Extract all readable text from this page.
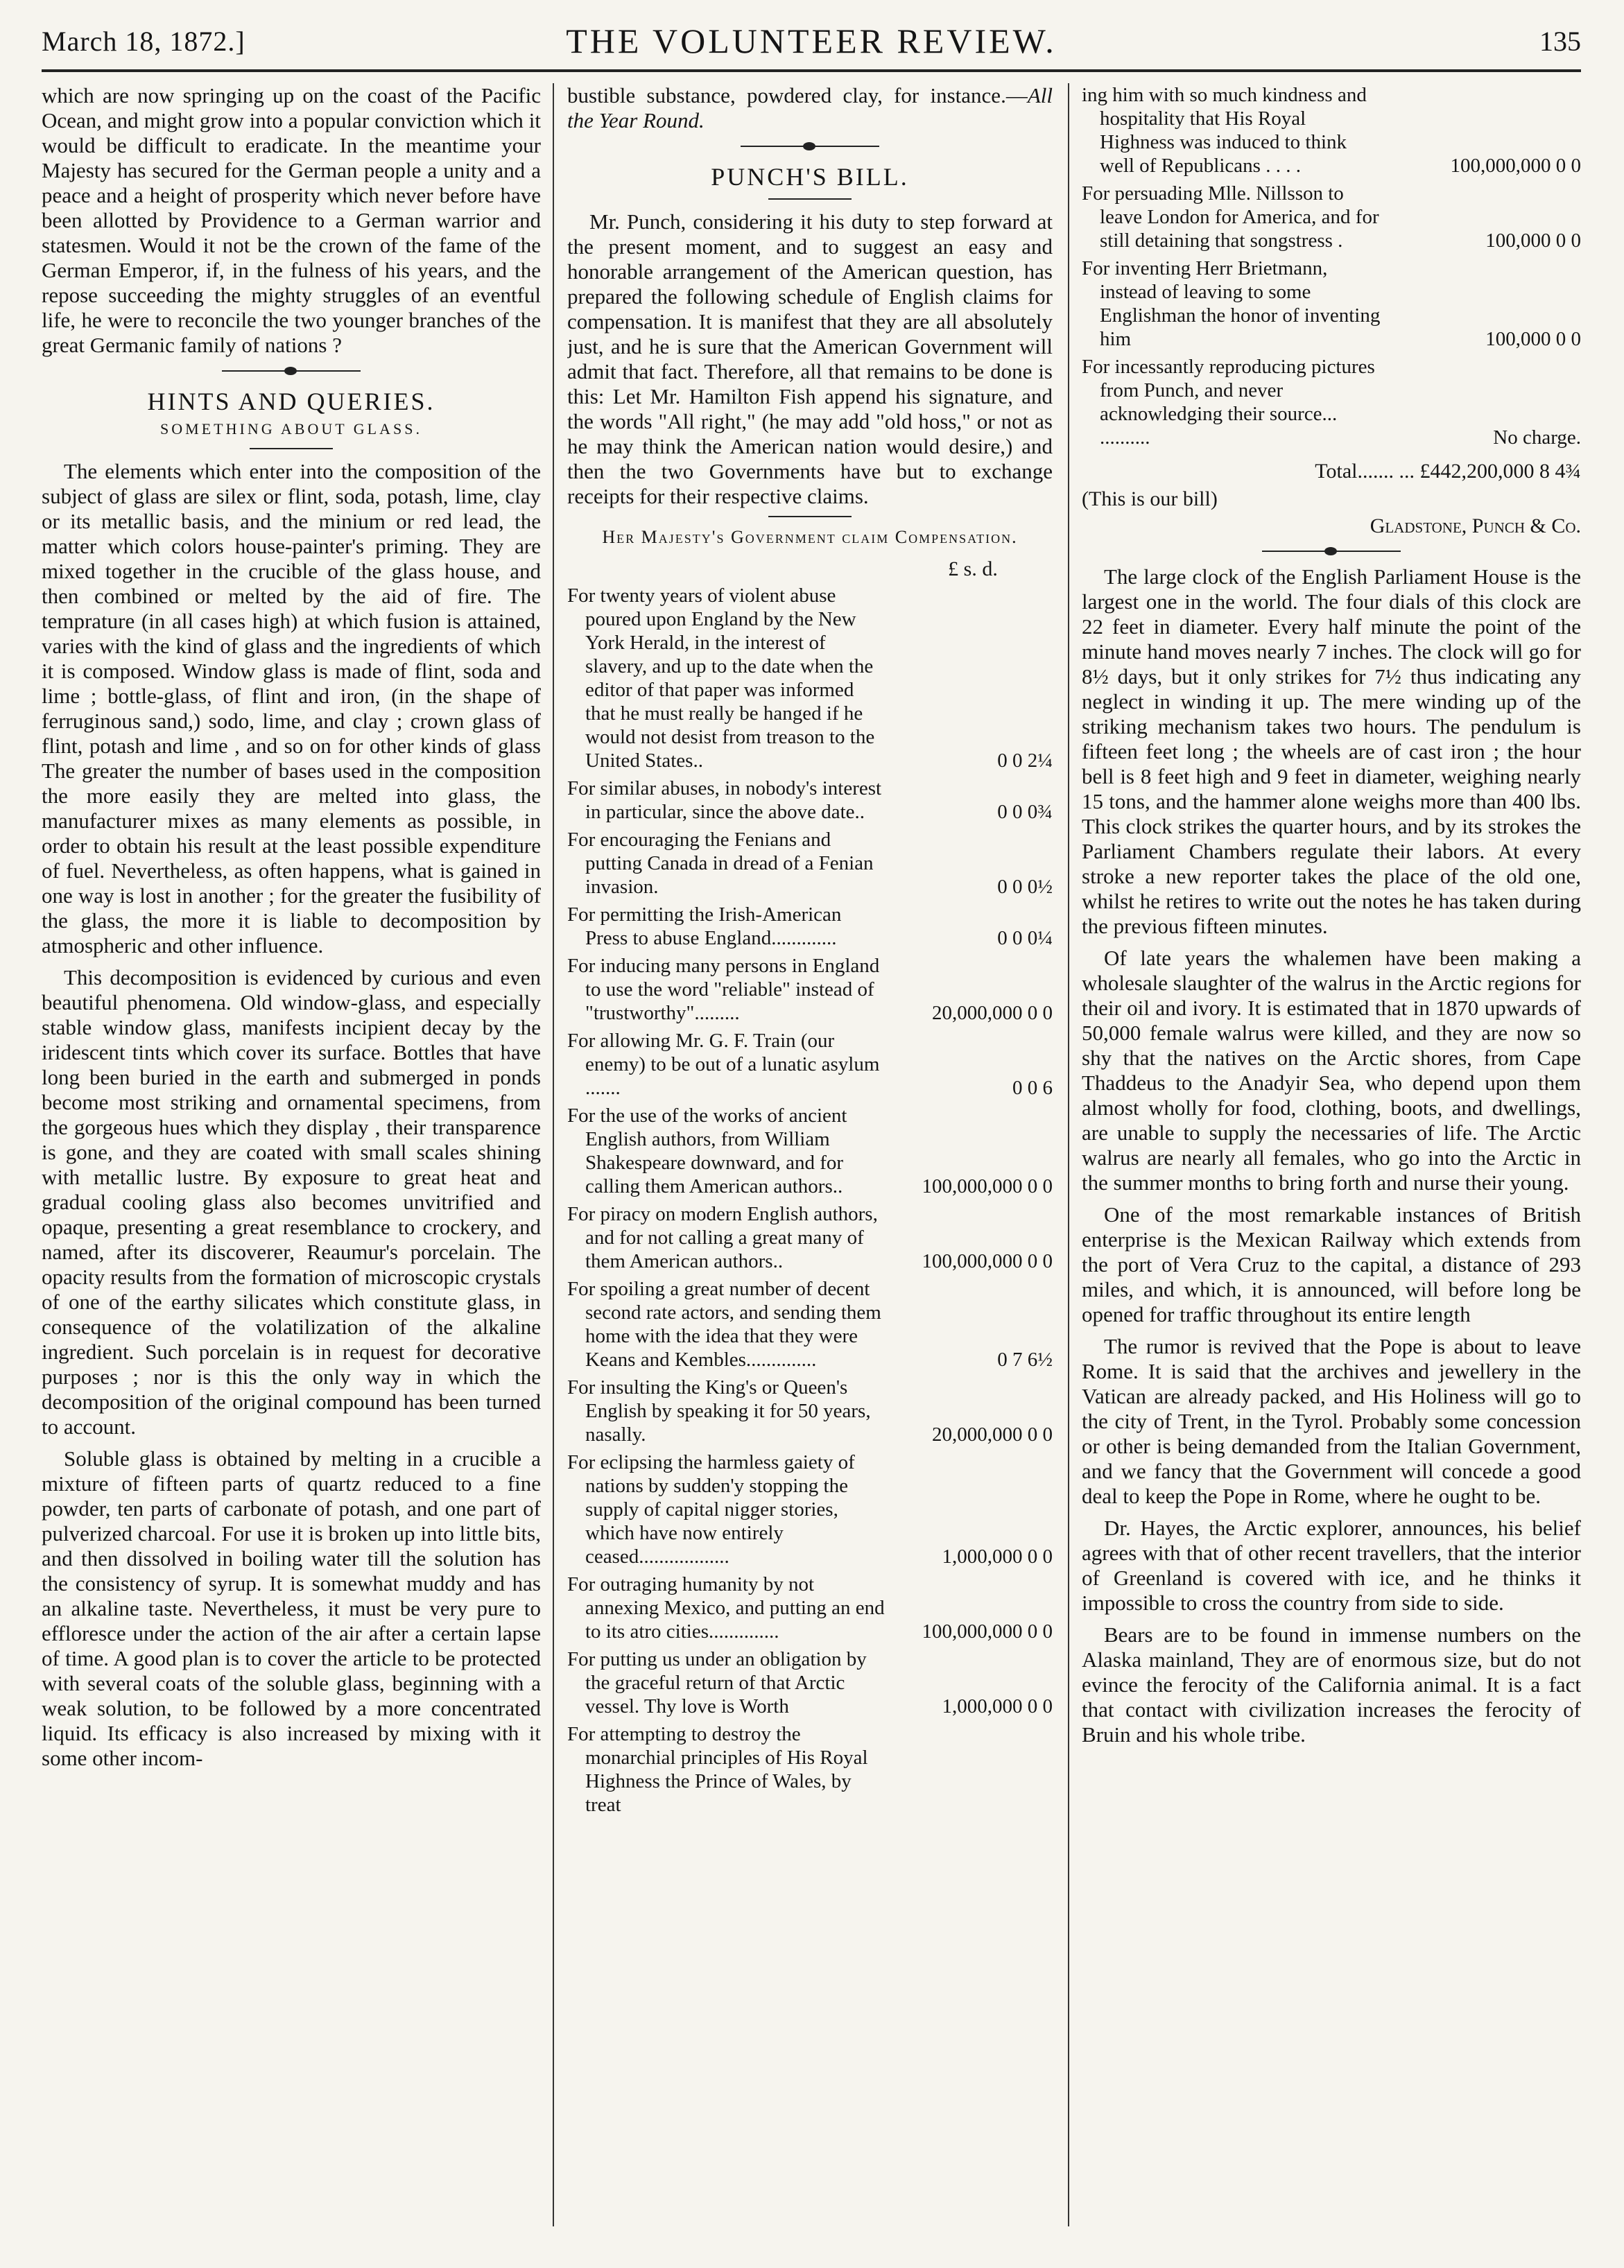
March 18, 1872.]	THE VOLUNTEER REVIEW.	135

which are now springing up on the coast of the Pacific Ocean, and might grow into a popular conviction which it would be difficult to eradicate. In the meantime your Majesty has secured for the German people a unity and a peace and a height of prosperity which never before have been allotted by Providence to a German warrior and statesmen. Would it not be the crown of the fame of the German Emperor, if, in the fulness of his years, and the repose succeeding the mighty struggles of an eventful life, he were to reconcile the two younger branches of the great Germanic family of nations ?

HINTS AND QUERIES.
SOMETHING ABOUT GLASS.

The elements which enter into the composition of the subject of glass are silex or flint, soda, potash, lime, clay or its metallic basis, and the minium or red lead, the matter which colors house-painter's priming. They are mixed together in the crucible of the glass house, and then combined or melted by the aid of fire. The temprature (in all cases high) at which fusion is attained, varies with the kind of glass and the ingredients of which it is composed. Window glass is made of flint, soda and lime ; bottle-glass, of flint and iron, (in the shape of ferruginous sand,) sodo, lime, and clay ; crown glass of flint, potash and lime , and so on for other kinds of glass The greater the number of bases used in the composition the more easily they are melted into glass, the manufacturer mixes as many elements as possible, in order to obtain his result at the least possible expenditure of fuel. Nevertheless, as often happens, what is gained in one way is lost in another ; for the greater the fusibility of the glass, the more it is liable to decomposition by atmospheric and other influence.

This decomposition is evidenced by curious and even beautiful phenomena. Old window-glass, and especially stable window glass, manifests incipient decay by the iridescent tints which cover its surface. Bottles that have long been buried in the earth and submerged in ponds become most striking and ornamental specimens, from the gorgeous hues which they display , their transparence is gone, and they are coated with small scales shining with metallic lustre. By exposure to great heat and gradual cooling glass also becomes unvitrified and opaque, presenting a great resemblance to crockery, and named, after its discoverer, Reaumur's porcelain. The opacity results from the formation of microscopic crystals of one of the earthy silicates which constitute glass, in consequence of the volatilization of the alkaline ingredient. Such porcelain is in request for decorative purposes ; nor is this the only way in which the decomposition of the original compound has been turned to account.

Soluble glass is obtained by melting in a crucible a mixture of fifteen parts of quartz reduced to a fine powder, ten parts of carbonate of potash, and one part of pulverized charcoal. For use it is broken up into little bits, and then dissolved in boiling water till the solution has the consistency of syrup. It is somewhat muddy and has an alkaline taste. Nevertheless, it must be very pure to effloresce under the action of the air after a certain lapse of time. A good plan is to cover the article to be protected with several coats of the soluble glass, beginning with a weak solution, to be followed by a more concentrated liquid. Its efficacy is also increased by mixing with it some other incom-

bustible substance, powdered clay, for instance.—All the Year Round.

PUNCH'S BILL.

Mr. Punch, considering it his duty to step forward at the present moment, and to suggest an easy and honorable arrangement of the American question, has prepared the following schedule of English claims for compensation. It is manifest that they are all absolutely just, and he is sure that the American Government will admit that fact. Therefore, all that remains to be done is this: Let Mr. Hamilton Fish append his signature, and the words "All right," (he may add "old hoss," or not as he may think the American nation would desire,) and then the two Governments have but to exchange receipts for their respective claims.

Her Majesty's Government claim Compensation.
£ s. d.
For twenty years of violent abuse poured upon England by the New York Herald, in the interest of slavery, and up to the date when the editor of that paper was informed that he must really be hanged if he would not desist from treason to the United States..	0 0 2¼
For similar abuses, in nobody's interest in particular, since the above date..	0 0 0¾
For encouraging the Fenians and putting Canada in dread of a Fenian invasion.	0 0 0½
For permitting the Irish-American Press to abuse England.............	0 0 0¼
For inducing many persons in England to use the word "reliable" instead of "trustworthy".........	20,000,000 0 0
For allowing Mr. G. F. Train (our enemy) to be out of a lunatic asylum .......	0 0 6
For the use of the works of ancient English authors, from William Shakespeare downward, and for calling them American authors..	100,000,000 0 0
For piracy on modern English authors, and for not calling a great many of them American authors..	100,000,000 0 0
For spoiling a great number of decent second rate actors, and sending them home with the idea that they were Keans and Kembles..............	0 7 6½
For insulting the King's or Queen's English by speaking it for 50 years, nasally.	20,000,000 0 0
For eclipsing the harmless gaiety of nations by sudden'y stopping the supply of capital nigger stories, which have now entirely ceased..................	1,000,000 0 0
For outraging humanity by not annexing Mexico, and putting an end to its atro cities..............	100,000,000 0 0
For putting us under an obligation by the graceful return of that Arctic vessel. Thy love is Worth	1,000,000 0 0
For attempting to destroy the monarchial principles of His Royal Highness the Prince of Wales, by treat
ing him with so much kindness and hospitality that His Royal Highness was induced to think well of Republicans . . . .	100,000,000 0 0
For persuading Mlle. Nillsson to leave London for America, and for still detaining that songstress .	100,000 0 0
For inventing Herr Brietmann, instead of leaving to some Englishman the honor of inventing him	100,000 0 0
For incessantly reproducing pictures from Punch, and never acknowledging their source... ..........	No charge.
Total....... ... £442,200,000 8 4¾
(This is our bill)
Gladstone, Punch & Co.

The large clock of the English Parliament House is the largest one in the world. The four dials of this clock are 22 feet in diameter. Every half minute the point of the minute hand moves nearly 7 inches. The clock will go for 8½ days, but it only strikes for 7½ thus indicating any neglect in winding it up. The mere winding up of the striking mechanism takes two hours. The pendulum is fifteen feet long ; the wheels are of cast iron ; the hour bell is 8 feet high and 9 feet in diameter, weighing nearly 15 tons, and the hammer alone weighs more than 400 lbs. This clock strikes the quarter hours, and by its strokes the Parliament Chambers regulate their labors. At every stroke a new reporter takes the place of the old one, whilst he retires to write out the notes he has taken during the previous fifteen minutes.

Of late years the whalemen have been making a wholesale slaughter of the walrus in the Arctic regions for their oil and ivory. It is estimated that in 1870 upwards of 50,000 female walrus were killed, and they are now so shy that the natives on the Arctic shores, from Cape Thaddeus to the Anadyir Sea, who depend upon them almost wholly for food, clothing, boots, and dwellings, are unable to supply the necessaries of life. The Arctic walrus are nearly all females, who go into the Arctic in the summer months to bring forth and nurse their young.

One of the most remarkable instances of British enterprise is the Mexican Railway which extends from the port of Vera Cruz to the capital, a distance of 293 miles, and which, it is announced, will before long be opened for traffic throughout its entire length

The rumor is revived that the Pope is about to leave Rome. It is said that the archives and jewellery in the Vatican are already packed, and His Holiness will go to the city of Trent, in the Tyrol. Probably some concession or other is being demanded from the Italian Government, and we fancy that the Government will concede a good deal to keep the Pope in Rome, where he ought to be.

Dr. Hayes, the Arctic explorer, announces, his belief agrees with that of other recent travellers, that the interior of Greenland is covered with ice, and he thinks it impossible to cross the country from side to side.

Bears are to be found in immense numbers on the Alaska mainland, They are of enormous size, but do not evince the ferocity of the California animal. It is a fact that contact with civilization increases the ferocity of Bruin and his whole tribe.
